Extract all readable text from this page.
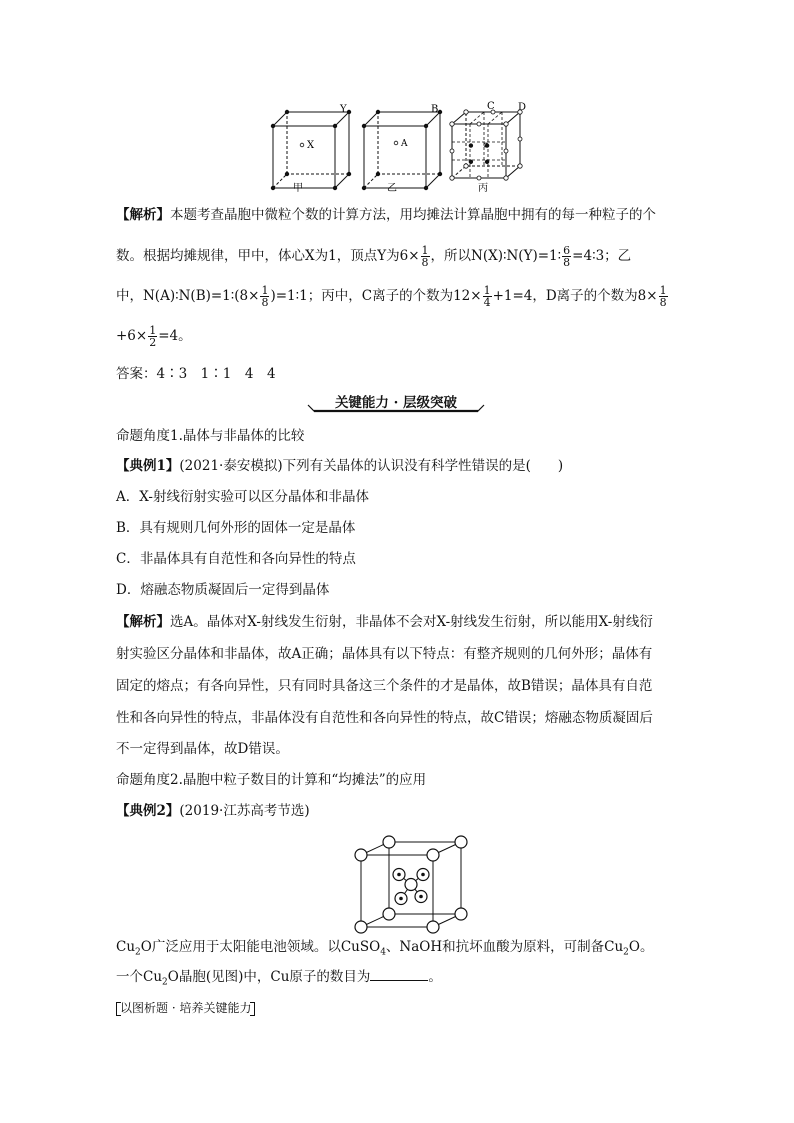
Y
X
B
A
C D
甲	乙	丙
【解析】本题考查晶胞中微粒个数的计算方法，用均摊法计算晶胞中拥有的每一种粒子的个
数。根据均摊规律，甲中，体心X为1，顶点Y为$6\times \frac{1}{8}$ ，所以N(X)∶N(Y)=1∶ $\frac{6}{8}$ =4∶3；乙
中，N(A)∶N(B)=1∶(8× $\frac{1}{8}$ )=1∶1；丙中，C离子的个数为$12\times \frac{1}{4} +1=4$，D离子的个数为$8\times \frac{1}{8}$
$+6\times \frac{1}{2} =4$。
答案：4∶3　1∶1　4　4
关键能力 · 层级突破
命题角度1.晶体与非晶体的比较
【典例1】(2021·泰安模拟)下列有关晶体的认识没有科学性错误的是(　　)
A．X-射线衍射实验可以区分晶体和非晶体
B．具有规则几何外形的固体一定是晶体
C．非晶体具有自范性和各向异性的特点
D．熔融态物质凝固后一定得到晶体
【解析】选A。晶体对X-射线发生衍射，非晶体不会对X-射线发生衍射，所以能用X-射线衍
射实验区分晶体和非晶体，故A正确；晶体具有以下特点：有整齐规则的几何外形；晶体有
固定的熔点；有各向异性，只有同时具备这三个条件的才是晶体，故B错误；晶体具有自范
性和各向异性的特点，非晶体没有自范性和各向异性的特点，故C错误；熔融态物质凝固后
不一定得到晶体，故D错误。
命题角度2.晶胞中粒子数目的计算和“均摊法”的应用
【典例2】(2019·江苏高考节选)
$Cu_2O$广泛应用于太阳能电池领域。以CuSO$_4$、NaOH和抗坏血酸为原料，可制备$Cu_2O$。
一个$Cu_2O$晶胞(见图)中，Cu原子的数目为	。
以图析题 · 培养关键能力
